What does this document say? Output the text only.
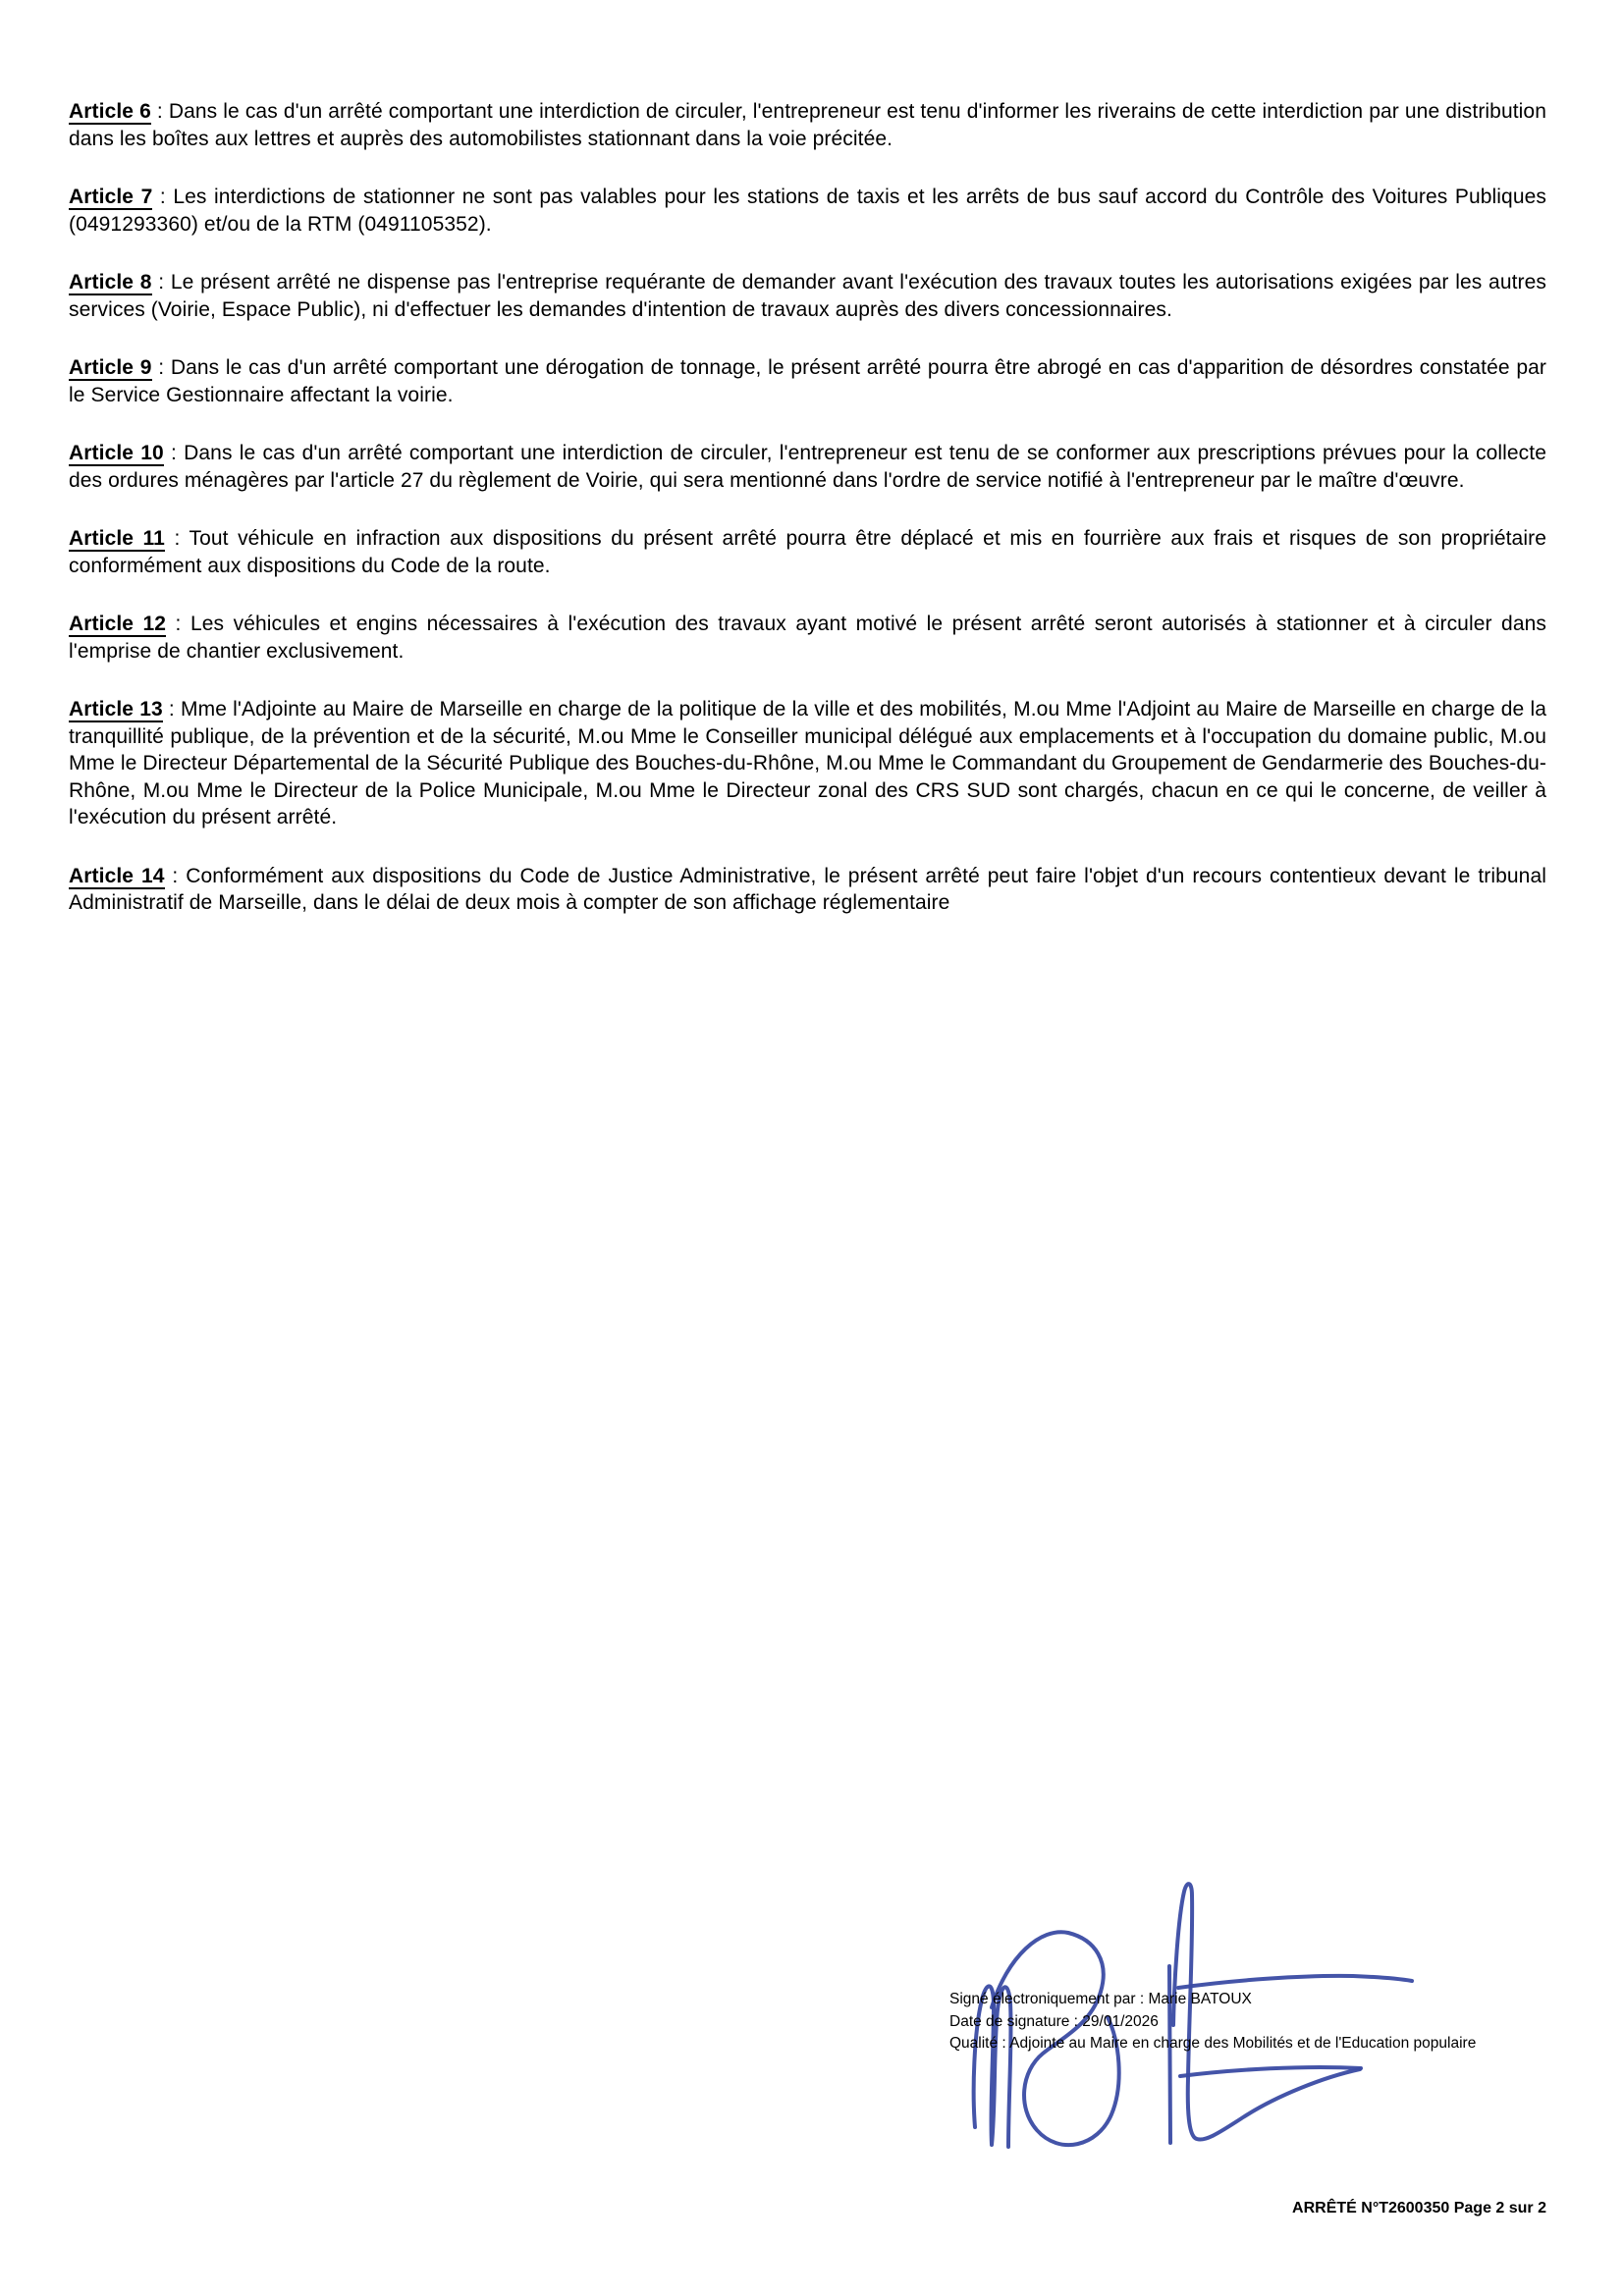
Article 6 : Dans le cas d'un arrêté comportant une interdiction de circuler, l'entrepreneur est tenu d'informer les riverains de cette interdiction par une distribution dans les boîtes aux lettres et auprès des automobilistes stationnant dans la voie précitée.

Article 7 : Les interdictions de stationner ne sont pas valables pour les stations de taxis et les arrêts de bus sauf accord du Contrôle des Voitures Publiques (0491293360) et/ou de la RTM (0491105352).

Article 8 : Le présent arrêté ne dispense pas l'entreprise requérante de demander avant l'exécution des travaux toutes les autorisations exigées par les autres services (Voirie, Espace Public), ni d'effectuer les demandes d'intention de travaux auprès des divers concessionnaires.

Article 9 : Dans le cas d'un arrêté comportant une dérogation de tonnage, le présent arrêté pourra être abrogé en cas d'apparition de désordres constatée par le Service Gestionnaire affectant la voirie.

Article 10 : Dans le cas d'un arrêté comportant une interdiction de circuler, l'entrepreneur est tenu de se conformer aux prescriptions prévues pour la collecte des ordures ménagères par l'article 27 du règlement de Voirie, qui sera mentionné dans l'ordre de service notifié à l'entrepreneur par le maître d'œuvre.

Article 11 : Tout véhicule en infraction aux dispositions du présent arrêté pourra être déplacé et mis en fourrière aux frais et risques de son propriétaire conformément aux dispositions du Code de la route.

Article 12 : Les véhicules et engins nécessaires à l'exécution des travaux ayant motivé le présent arrêté seront autorisés à stationner et à circuler dans l'emprise de chantier exclusivement.

Article 13 : Mme l'Adjointe au Maire de Marseille en charge de la politique de la ville et des mobilités, M.ou Mme l'Adjoint au Maire de Marseille en charge de la tranquillité publique, de la prévention et de la sécurité, M.ou Mme le Conseiller municipal délégué aux emplacements et à l'occupation du domaine public, M.ou Mme le Directeur Départemental de la Sécurité Publique des Bouches-du-Rhône, M.ou Mme le Commandant du Groupement de Gendarmerie des Bouches-du-Rhône, M.ou Mme le Directeur de la Police Municipale, M.ou Mme le Directeur zonal des CRS SUD sont chargés, chacun en ce qui le concerne, de veiller à l'exécution du présent arrêté.

Article 14 : Conformément aux dispositions du Code de Justice Administrative, le présent arrêté peut faire l'objet d'un recours contentieux devant le tribunal Administratif de Marseille, dans le délai de deux mois à compter de son affichage réglementaire

Signé électroniquement par : Marie BATOUX
Date de signature : 29/01/2026
Qualité : Adjointe au Maire en charge des Mobilités et de l'Education populaire
ARRÊTÉ N°T2600350 Page 2 sur 2
